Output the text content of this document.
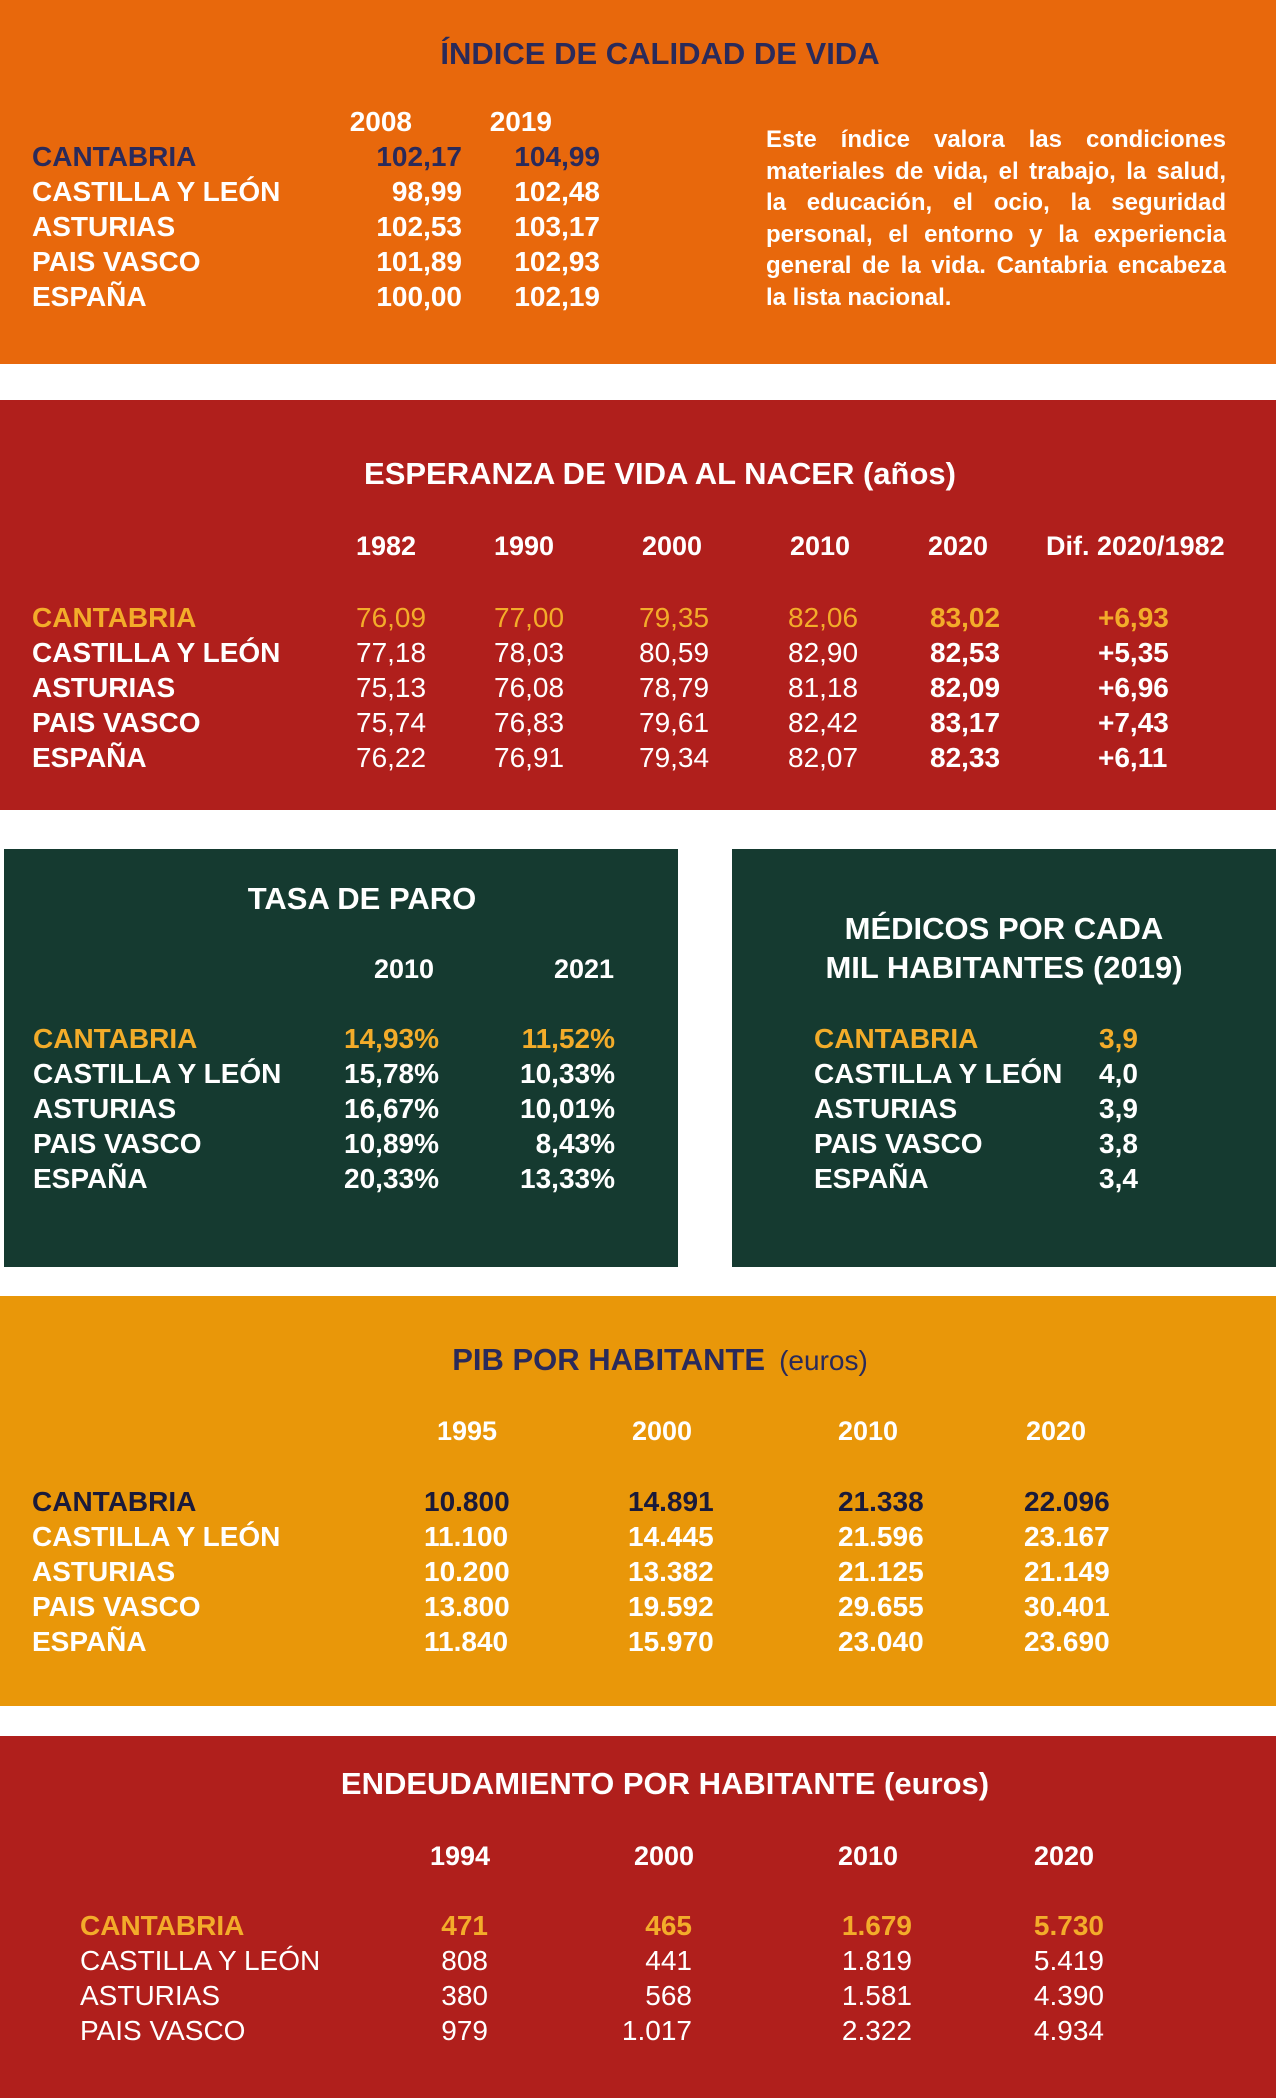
ÍNDICE DE CALIDAD DE VIDA
2008	2019
CANTABRIA	102,17	104,99
CASTILLA Y LEÓN	98,99	102,48
ASTURIAS	102,53	103,17
PAIS VASCO	101,89	102,93
ESPAÑA	100,00	102,19
Este índice valora las condiciones materiales de vida, el trabajo, la salud, la educación, el ocio, la seguridad personal, el entorno y la experiencia general de la vida. Cantabria encabeza la lista nacional.
ESPERANZA DE VIDA AL NACER (años)
1982	1990	2000	2010	2020 Dif. 2020/1982
CANTABRIA	76,09 77,00	79,35	82,06	83,02	+6,93
CASTILLA Y LEÓN	77,18 78,03	80,59	82,90	82,53	+5,35
ASTURIAS	75,13 76,08	78,79	81,18	82,09	+6,96
PAIS VASCO	75,74 76,83	79,61	82,42	83,17	+7,43
ESPAÑA	76,22 76,91	79,34	82,07	82,33	+6,11
TASA DE PARO
2010	2021
CANTABRIA	14,93%	11,52%
CASTILLA Y LEÓN	15,78%	10,33%
ASTURIAS	16,67%	10,01%
PAIS VASCO	10,89%	8,43%
ESPAÑA	20,33%	13,33%
MÉDICOS POR CADA
MIL HABITANTES (2019)
CANTABRIA	3,9
CASTILLA Y LEÓN 4,0
ASTURIAS	3,9
PAIS VASCO	3,8
ESPAÑA	3,4
PIB POR HABITANTE (euros)
1995	2000	2010	2020
CANTABRIA	10.800	14.891	21.338	22.096
CASTILLA Y LEÓN	11.100	14.445	21.596	23.167
ASTURIAS	10.200	13.382	21.125	21.149
PAIS VASCO	13.800	19.592	29.655	30.401
ESPAÑA	11.840	15.970	23.040	23.690
ENDEUDAMIENTO POR HABITANTE (euros)
1994	2000	2010	2020
CANTABRIA	471	465	1.679	5.730
CASTILLA Y LEÓN	808	441	1.819	5.419
ASTURIAS	380	568	1.581	4.390
PAIS VASCO	979	1.017	2.322	4.934
